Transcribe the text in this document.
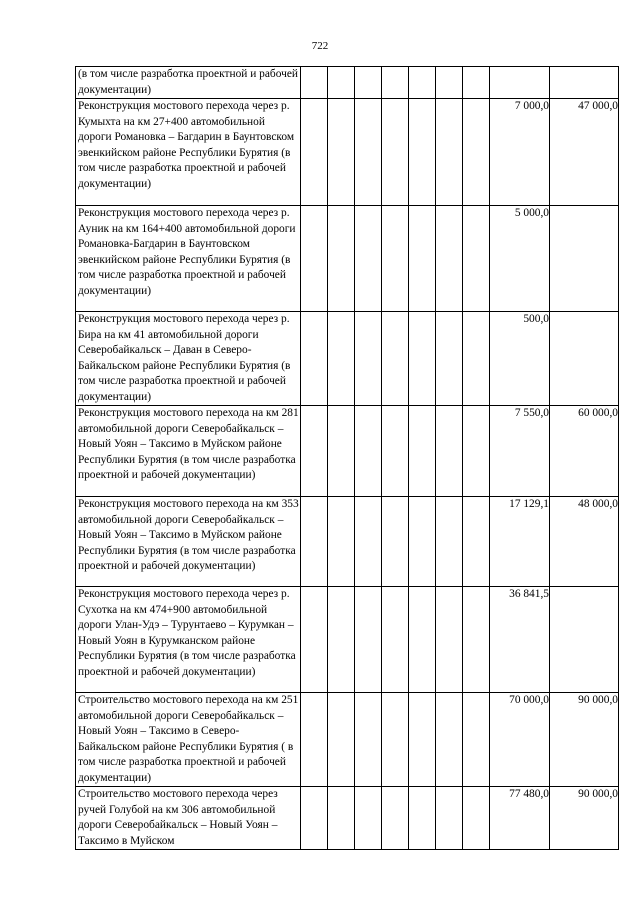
722
(в том числе разработка проектной и рабочей документации)									
Реконструкция мостового перехода через р. Кумыхта на км 27+400 автомобильной дороги Романовка – Багдарин в Баунтовском эвенкийском районе Республики Бурятия (в том числе разработка проектной и рабочей документации)								7 000,0	47 000,0
Реконструкция мостового перехода через р. Ауник на км 164+400 автомобильной дороги Романовка-Багдарин в Баунтовском эвенкийском районе Республики Бурятия (в том числе разработка проектной и рабочей документации)								5 000,0	
Реконструкция мостового перехода через р. Бира на км 41 автомобильной дороги Северобайкальск – Даван в Северо-Байкальском районе Республики Бурятия (в том числе разработка проектной и рабочей документации)								500,0	
Реконструкция мостового перехода на км 281 автомобильной дороги Северобайкальск – Новый Уоян – Таксимо в Муйском районе Республики Бурятия (в том числе разработка проектной и рабочей документации)								7 550,0	60 000,0
Реконструкция мостового перехода на км 353 автомобильной дороги Северобайкальск – Новый Уоян – Таксимо в Муйском районе Республики Бурятия (в том числе разработка проектной и рабочей документации)								17 129,1	48 000,0
Реконструкция мостового перехода через р. Сухотка на км 474+900 автомобильной дороги Улан-Удэ – Турунтаево – Курумкан – Новый Уоян в Курумканском районе Республики Бурятия (в том числе разработка проектной и рабочей документации)								36 841,5	
Строительство мостового перехода на км 251 автомобильной дороги Северобайкальск – Новый Уоян – Таксимо в Северо-Байкальском районе Республики Бурятия ( в том числе разработка проектной и рабочей документации)								70 000,0	90 000,0
Строительство мостового перехода через ручей Голубой на км 306 автомобильной дороги Северобайкальск – Новый Уоян – Таксимо в Муйском								77 480,0	90 000,0
